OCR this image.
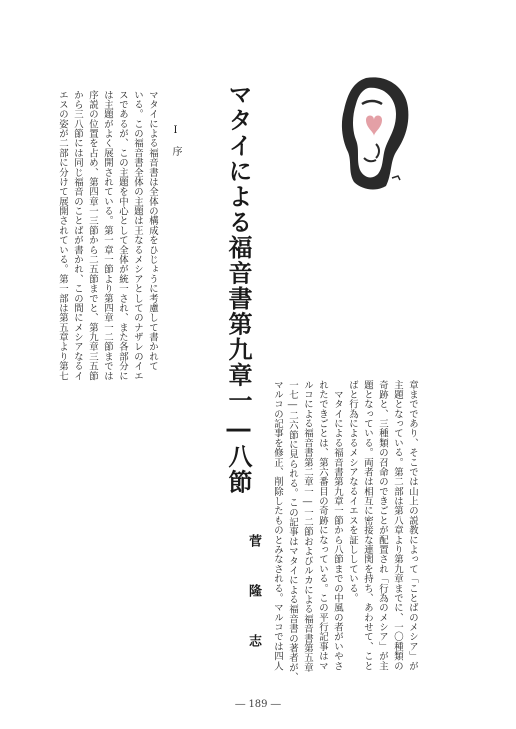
マタイによる福音書第九章一―八節
I　序
マタイによる福音書は全体の構成をひじょうに考慮して書かれて
いる。この福音書全体の主題は王なるメシアとしてのナザレのイエ
スであるが、この主題を中心として全体が統一され、また各部分に
は主題がよく展開されている。第一章一節より第四章一二節までは
序説の位置を占め、第四章一三節から二五節までと、第九章三五節
から三八節には同じ福音のことばが書かれ、この間にメシアなるイ
エスの姿が二部に分けて展開されている。第一部は第五章より第七
章までであり、そこでは山上の説教によって「ことばのメシア」が
主題となっている。第二部は第八章より第九章までに、一〇種類の
奇跡と、三種類の召命のできごとが配置され「行為のメシア」が主
題となっている。両者は相互に密接な連関を持ち、あわせて、こと
ばと行為によるメシアなるイエスを証ししている。
　マタイによる福音書第九章一節から八節までの中風の者がいやさ
れたできごとは、第六番目の奇跡になっている。この平行記事はマ
ルコによる福音書第二章一―一二節およびルカによる福音書第五章
一七―二六節に見られる。この記事はマタイによる福音書の著者が、
マルコの記事を修正、削除したものとみなされる。マルコでは四人
菅　隆　志
― 189 ―
